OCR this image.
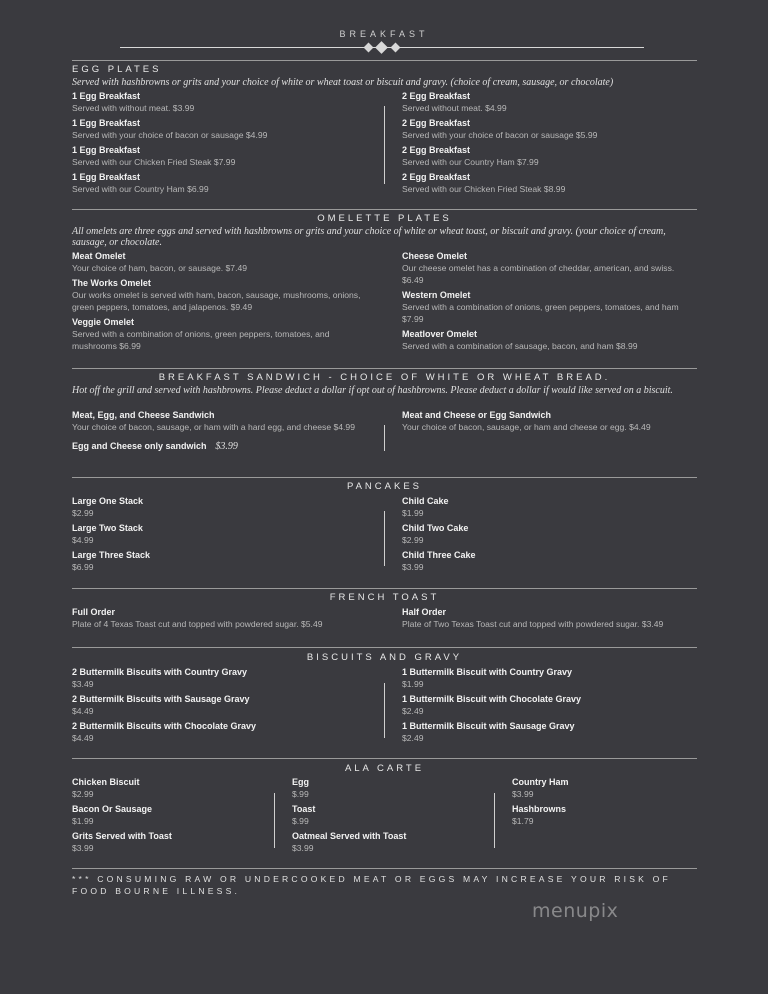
BREAKFAST
EGG PLATES
Served with hashbrowns or grits and your choice of white or wheat toast or biscuit and gravy. (choice of cream, sausage, or chocolate)
1 Egg Breakfast
Served with without meat. $3.99
1 Egg Breakfast
Served with your choice of bacon or sausage $4.99
1 Egg Breakfast
Served with our Chicken Fried Steak $7.99
1 Egg Breakfast
Served with our Country Ham $6.99
2 Egg Breakfast
Served without meat. $4.99
2 Egg Breakfast
Served with your choice of bacon or sausage $5.99
2 Egg Breakfast
Served with our Country Ham $7.99
2 Egg Breakfast
Served with our Chicken Fried Steak $8.99
OMELETTE PLATES
All omelets are three eggs and served with hashbrowns or grits and your choice of white or wheat toast, or biscuit and gravy. (your choice of cream, sausage, or chocolate.
Meat Omelet
Your choice of ham, bacon, or sausage. $7.49
The Works Omelet
Our works omelet is served with ham, bacon, sausage, mushrooms, onions, green peppers, tomatoes, and jalapenos. $9.49
Veggie Omelet
Served with a combination of onions, green peppers, tomatoes, and mushrooms $6.99
Cheese Omelet
Our cheese omelet has a combination of cheddar, american, and swiss. $6.49
Western Omelet
Served with a combination of onions, green peppers, tomatoes, and ham $7.99
Meatlover Omelet
Served with a combination of sausage, bacon, and ham $8.99
BREAKFAST SANDWICH - CHOICE OF WHITE OR WHEAT BREAD.
Hot off the grill and served with hashbrowns. Please deduct a dollar if opt out of hashbrowns. Please deduct a dollar if would like served on a biscuit.
Meat, Egg, and Cheese Sandwich
Your choice of bacon, sausage, or ham with a hard egg, and cheese $4.99
Egg and Cheese only sandwich $3.99
Meat and Cheese or Egg Sandwich
Your choice of bacon, sausage, or ham and cheese or egg. $4.49
PANCAKES
Large One Stack
$2.99
Large Two Stack
$4.99
Large Three Stack
$6.99
Child Cake
$1.99
Child Two Cake
$2.99
Child Three Cake
$3.99
FRENCH TOAST
Full Order
Plate of 4 Texas Toast cut and topped with powdered sugar. $5.49
Half Order
Plate of Two Texas Toast cut and topped with powdered sugar. $3.49
BISCUITS AND GRAVY
2 Buttermilk Biscuits with Country Gravy
$3.49
2 Buttermilk Biscuits with Sausage Gravy
$4.49
2 Buttermilk Biscuits with Chocolate Gravy
$4.49
1 Buttermilk Biscuit with Country Gravy
$1.99
1 Buttermilk Biscuit with Chocolate Gravy
$2.49
1 Buttermilk Biscuit with Sausage Gravy
$2.49
ALA CARTE
Chicken Biscuit
$2.99
Bacon Or Sausage
$1.99
Grits Served with Toast
$3.99
Egg
$.99
Toast
$.99
Oatmeal Served with Toast
$3.99
Country Ham
$3.99
Hashbrowns
$1.79
*** CONSUMING RAW OR UNDERCOOKED MEAT OR EGGS MAY INCREASE YOUR RISK OF FOOD BOURNE ILLNESS.
menupix
